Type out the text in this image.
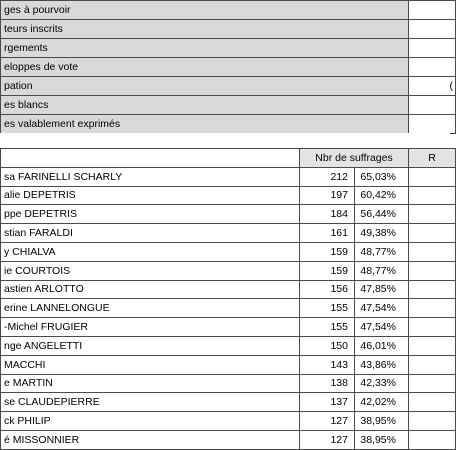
ges à pourvoir	
teurs inscrits	
rgements	
eloppes de vote	
pation	(
es blancs	
es valablement exprimés	
	Nbr de suffrages		R
sa FARINELLI SCHARLY	212	65,03%	
alie DEPETRIS	197	60,42%	
ppe DEPETRIS	184	56,44%	
stian FARALDI	161	49,38%	
y CHIALVA	159	48,77%	
ie COURTOIS	159	48,77%	
astien ARLOTTO	156	47,85%	
erine LANNELONGUE	155	47,54%	
-Michel FRUGIER	155	47,54%	
nge ANGELETTI	150	46,01%	
MACCHI	143	43,86%	
e MARTIN	138	42,33%	
se CLAUDEPIERRE	137	42,02%	
ck PHILIP	127	38,95%	
é MISSONNIER	127	38,95%	
